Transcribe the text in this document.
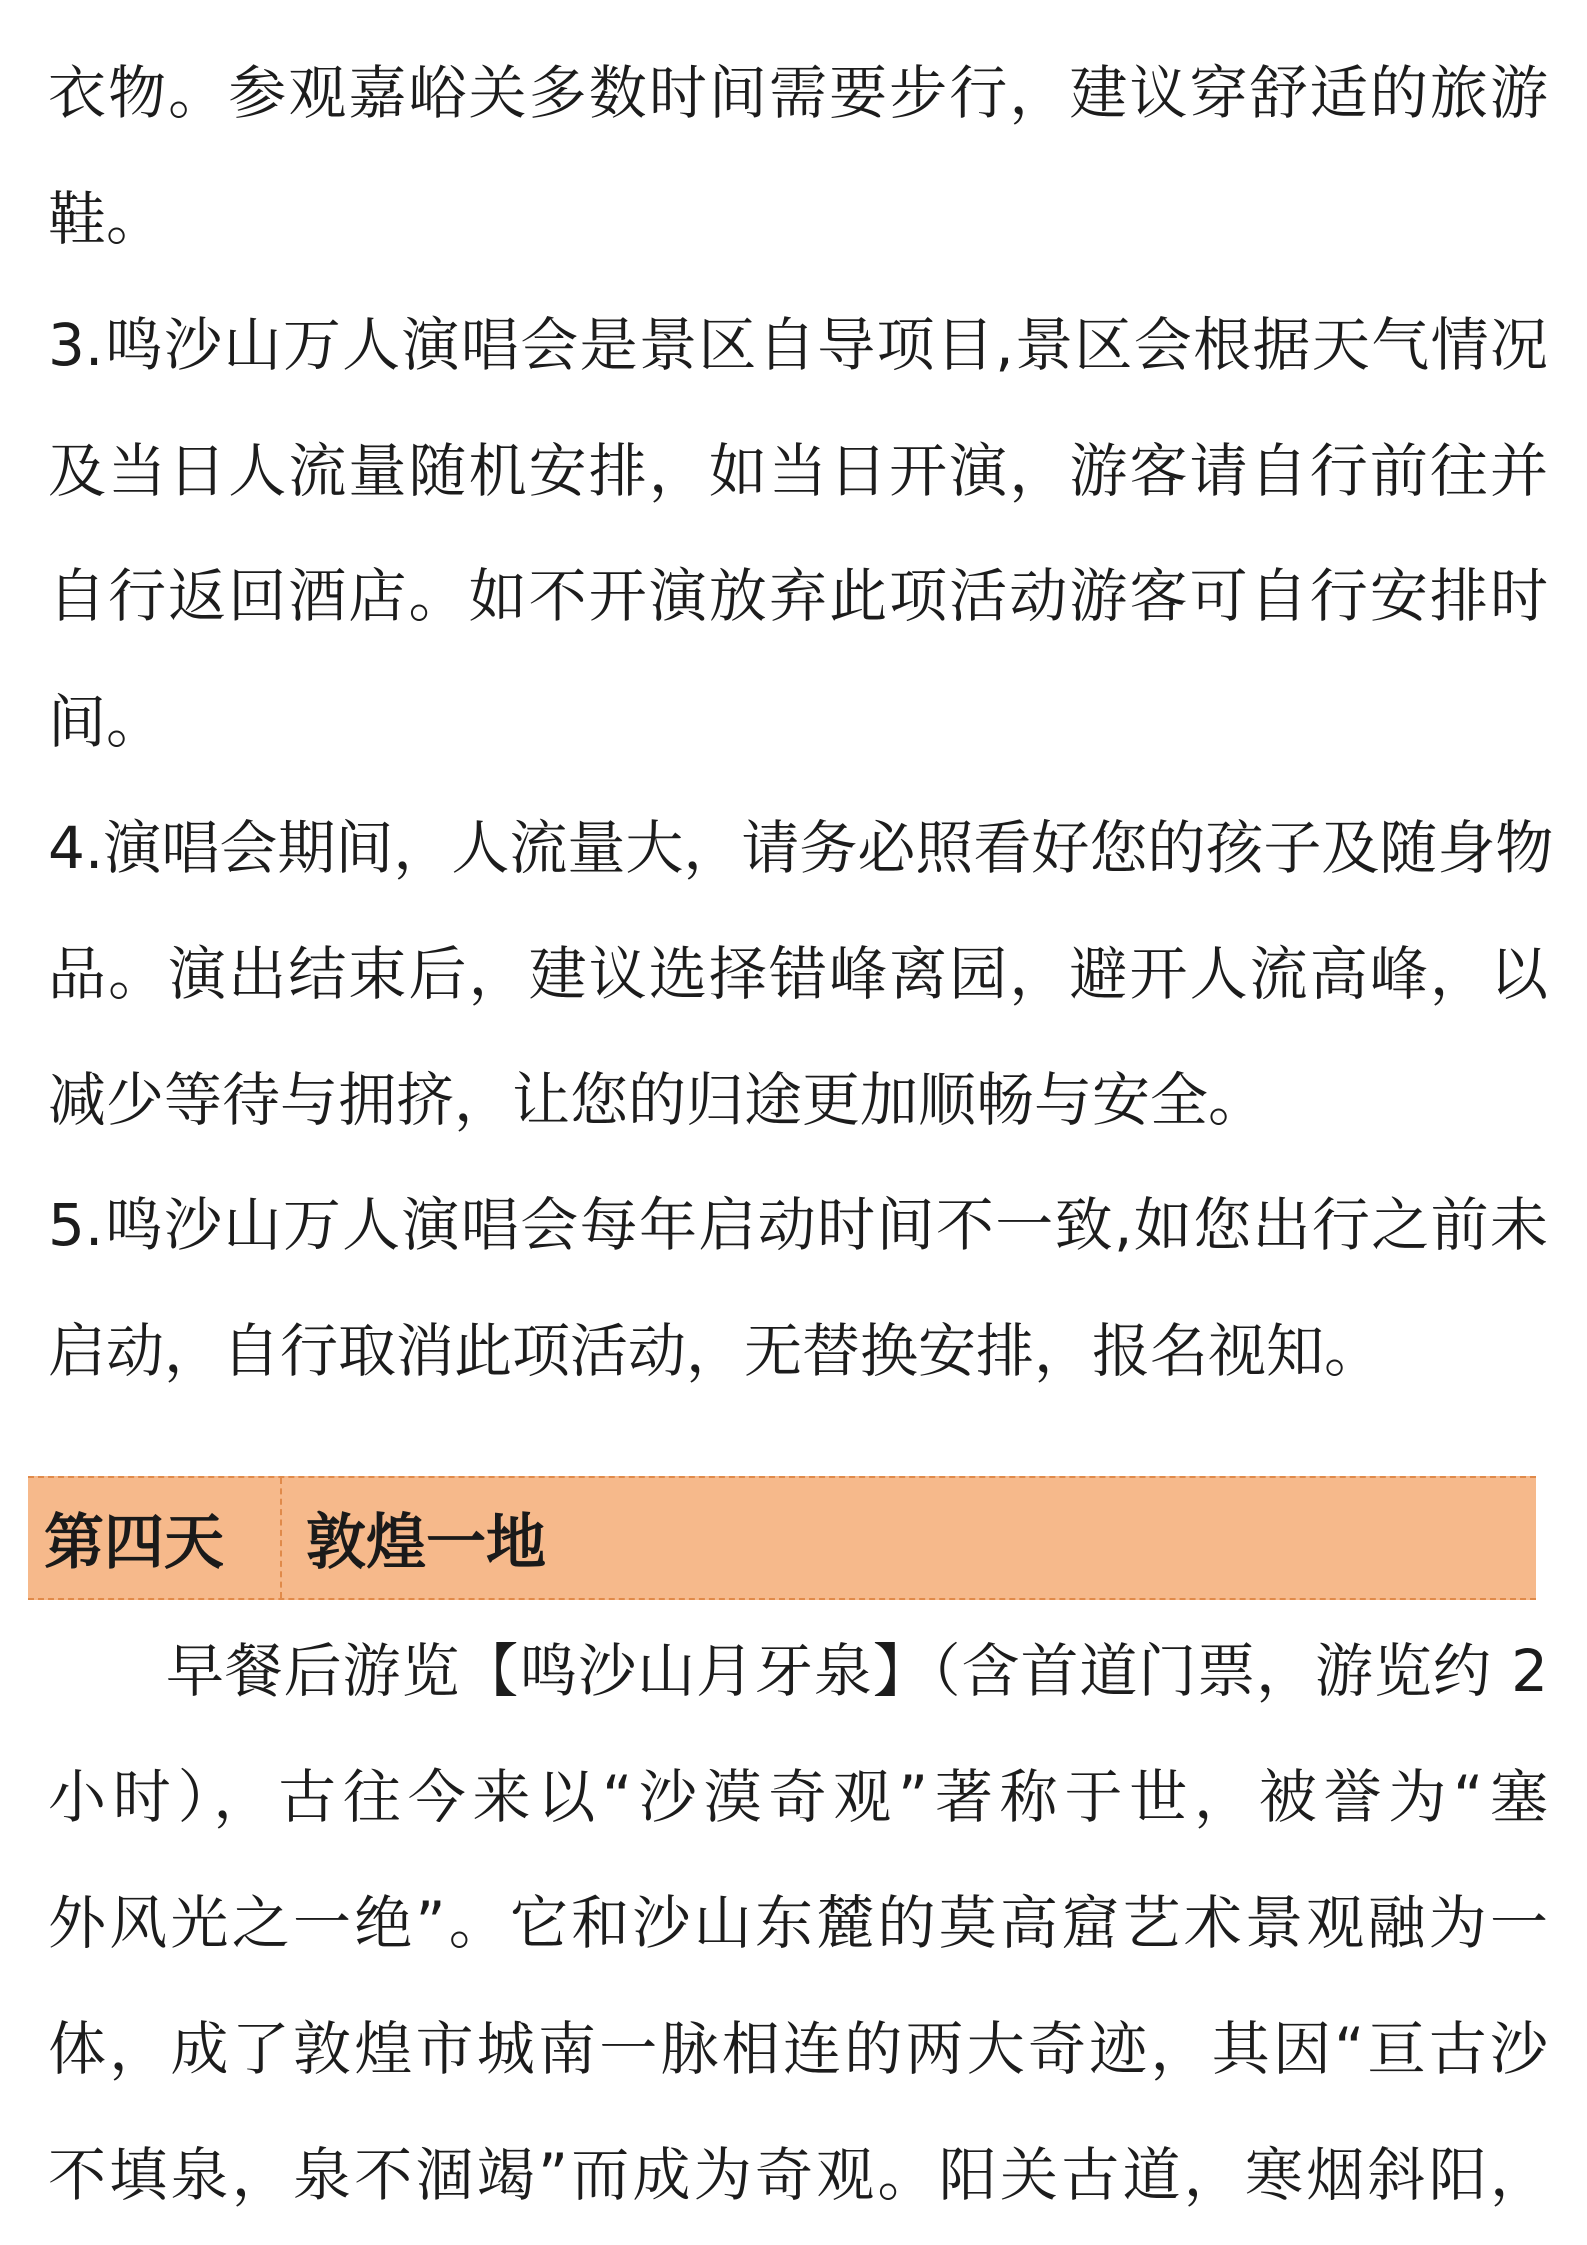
衣物。参观嘉峪关多数时间需要步行，建议穿舒适的旅游
鞋。
3.鸣沙山万人演唱会是景区自导项目,景区会根据天气情况
及当日人流量随机安排，如当日开演，游客请自行前往并
自行返回酒店。如不开演放弃此项活动游客可自行安排时
间。
4.演唱会期间，人流量大，请务必照看好您的孩子及随身物
品。演出结束后，建议选择错峰离园，避开人流高峰，以
减少等待与拥挤，让您的归途更加顺畅与安全。
5.鸣沙山万人演唱会每年启动时间不一致,如您出行之前未
启动，自行取消此项活动，无替换安排，报名视知。
第四天	敦煌一地
　　早餐后游览【鸣沙山月牙泉】（含首道门票，游览约 2
小时），古往今来以“沙漠奇观”著称于世，被誉为“塞
外风光之一绝”。它和沙山东麓的莫高窟艺术景观融为一
体，成了敦煌市城南一脉相连的两大奇迹，其因“亘古沙
不填泉，泉不涸竭”而成为奇观。阳关古道，寒烟斜阳，
